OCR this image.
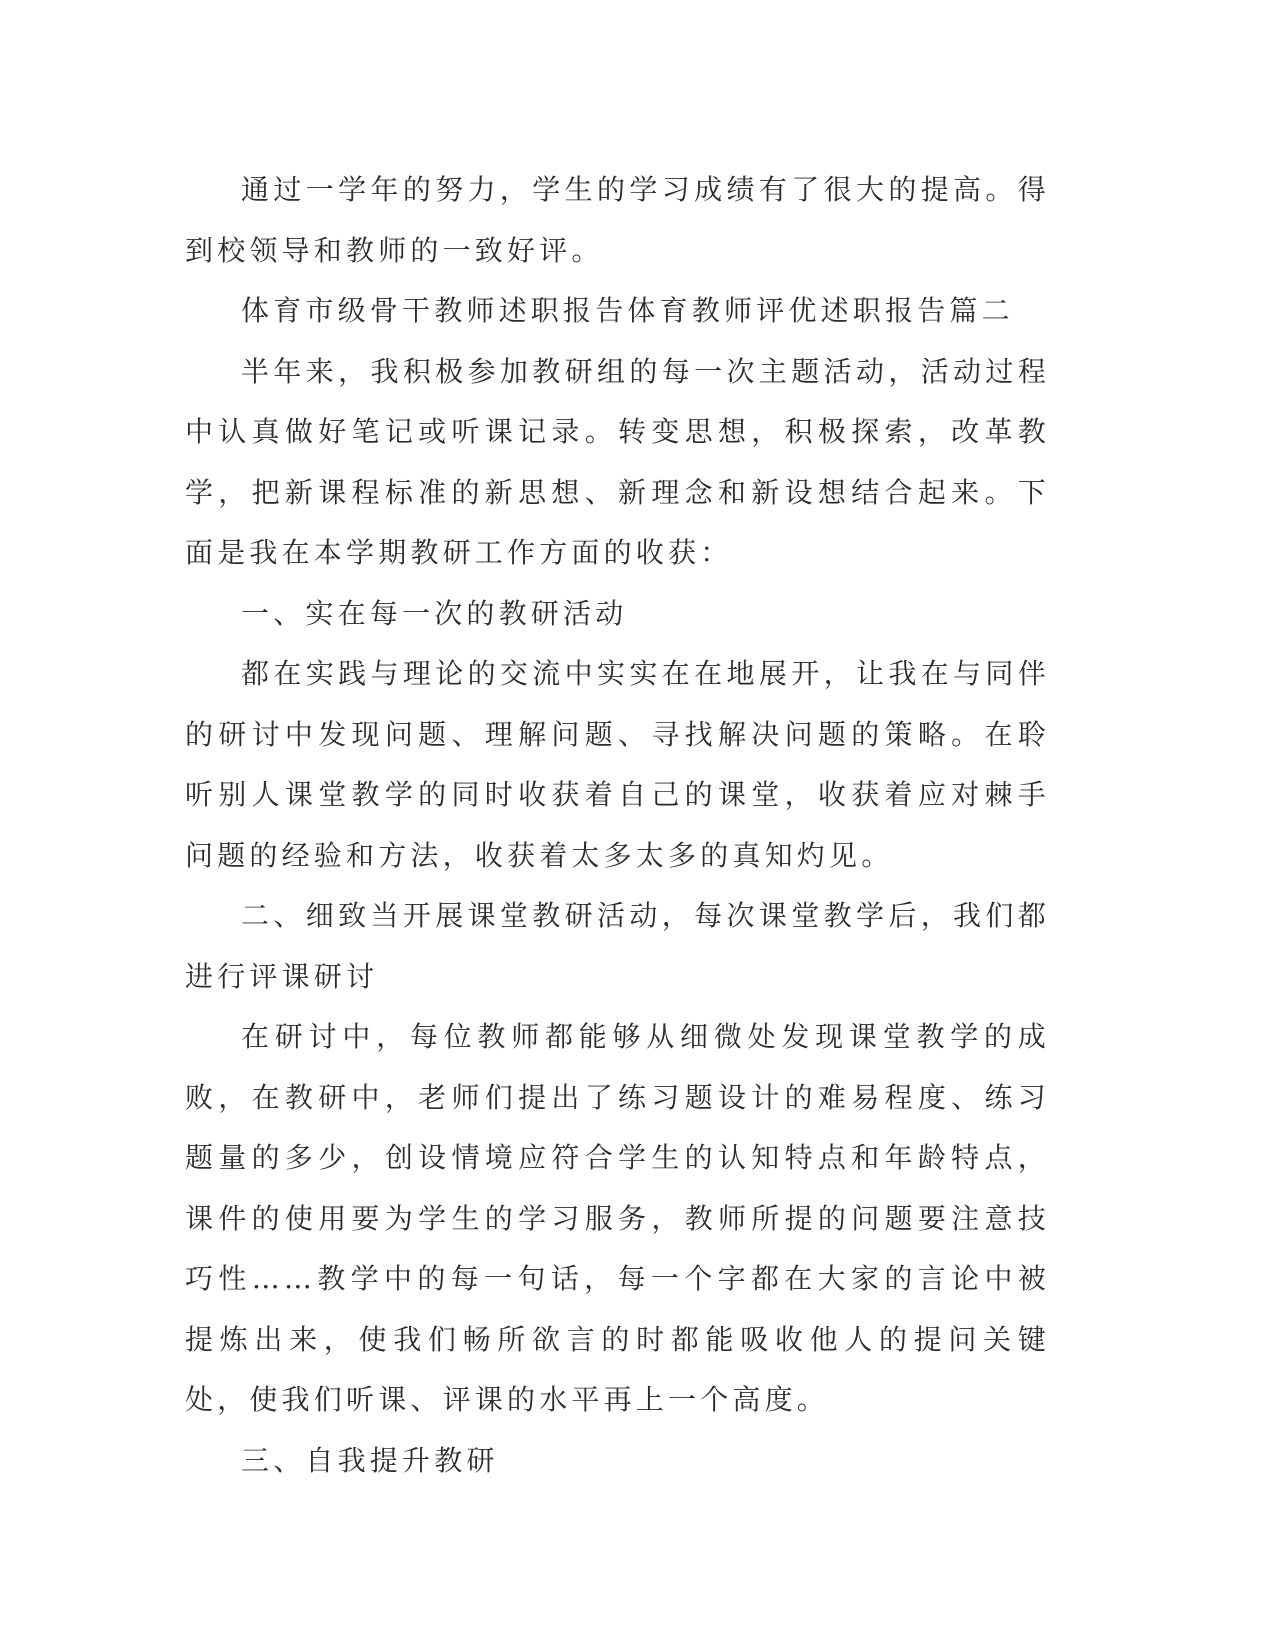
通过一学年的努力，学生的学习成绩有了很大的提高。得到校领导和教师的一致好评。

体育市级骨干教师述职报告体育教师评优述职报告篇二

半年来，我积极参加教研组的每一次主题活动，活动过程中认真做好笔记或听课记录。转变思想，积极探索，改革教学，把新课程标准的新思想、新理念和新设想结合起来。下面是我在本学期教研工作方面的收获：

一、实在每一次的教研活动

都在实践与理论的交流中实实在在地展开，让我在与同伴的研讨中发现问题、理解问题、寻找解决问题的策略。在聆听别人课堂教学的同时收获着自己的课堂，收获着应对棘手问题的经验和方法，收获着太多太多的真知灼见。

二、细致当开展课堂教研活动，每次课堂教学后，我们都进行评课研讨

在研讨中，每位教师都能够从细微处发现课堂教学的成败，在教研中，老师们提出了练习题设计的难易程度、练习题量的多少，创设情境应符合学生的认知特点和年龄特点，课件的使用要为学生的学习服务，教师所提的问题要注意技巧性……教学中的每一句话，每一个字都在大家的言论中被提炼出来，使我们畅所欲言的时都能吸收他人的提问关键处，使我们听课、评课的水平再上一个高度。

三、自我提升教研
